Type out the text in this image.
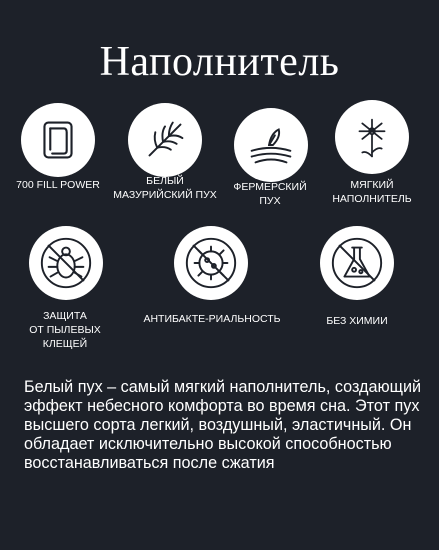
Наполнитель
700 FILL POWER	БЕЛЫЙ
МАЗУРИЙСКИЙ ПУХ
ФЕРМЕРСКИЙ
ПУХ
МЯГКИЙ
НАПОЛНИТЕЛЬ
ЗАЩИТА
ОТ ПЫЛЕВЫХ
КЛЕЩЕЙ
АНТИБАКТЕ-РИАЛЬНОСТЬ	БЕЗ ХИМИИ
Белый пух – самый мягкий наполнитель, создающий эффект небесного комфорта во время сна. Этот пух высшего сорта легкий, воздушный, эластичный. Он обладает исключительно высокой способностью восстанавливаться после сжатия
